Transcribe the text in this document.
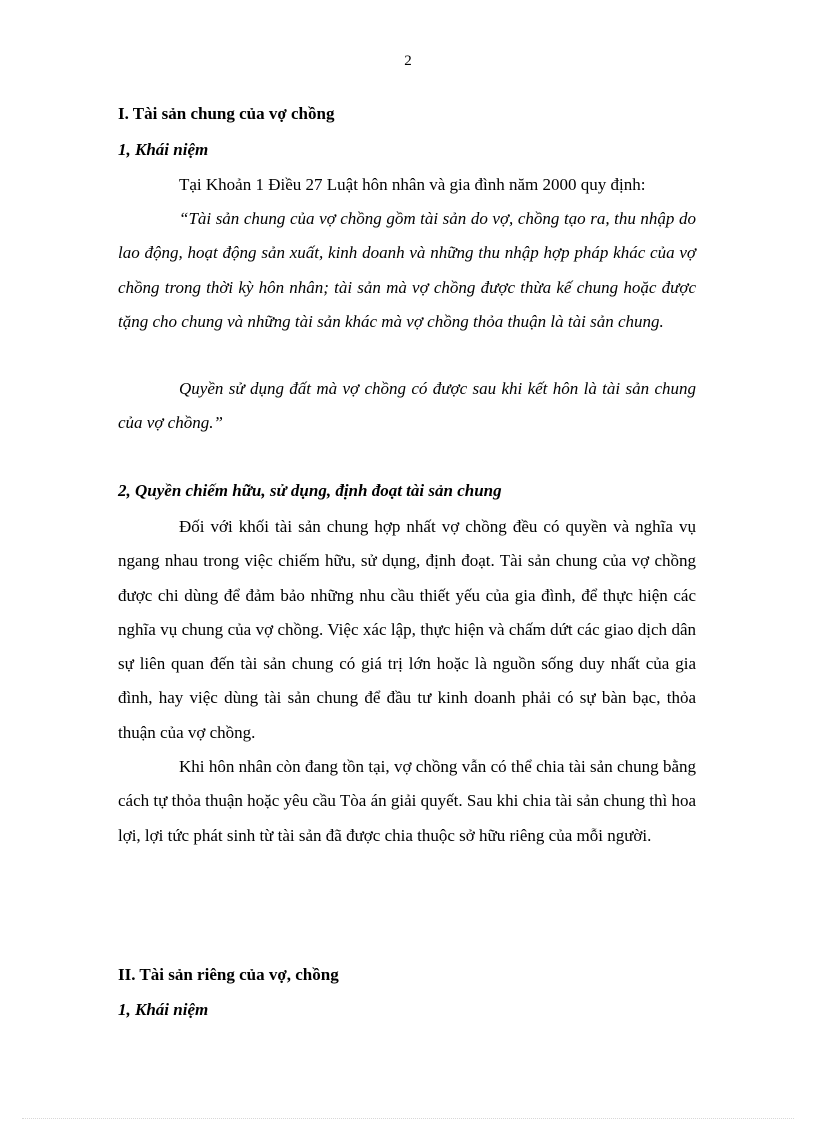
2
I. Tài sản chung của vợ chồng
1, Khái niệm

Tại Khoản 1 Điều 27 Luật hôn nhân và gia đình năm 2000 quy định:

“Tài sản chung của vợ chồng gồm tài sản do vợ, chồng tạo ra, thu nhập do lao động, hoạt động sản xuất, kinh doanh và những thu nhập hợp pháp khác của vợ chồng trong thời kỳ hôn nhân; tài sản mà vợ chồng được thừa kế chung hoặc được tặng cho chung và những tài sản khác mà vợ chồng thỏa thuận là tài sản chung.

Quyền sử dụng đất mà vợ chồng có được sau khi kết hôn là tài sản chung của vợ chồng.”

2, Quyền chiếm hữu, sử dụng, định đoạt tài sản chung

Đối với khối tài sản chung hợp nhất vợ chồng đều có quyền và nghĩa vụ ngang nhau trong việc chiếm hữu, sử dụng, định đoạt. Tài sản chung của vợ chồng được chi dùng để đảm bảo những nhu cầu thiết yếu của gia đình, để thực hiện các nghĩa vụ chung của vợ chồng. Việc xác lập, thực hiện và chấm dứt các giao dịch dân sự liên quan đến tài sản chung có giá trị lớn hoặc là nguồn sống duy nhất của gia đình, hay việc dùng tài sản chung để đầu tư kinh doanh phải có sự bàn bạc, thỏa thuận của vợ chồng.

Khi hôn nhân còn đang tồn tại, vợ chồng vẫn có thể chia tài sản chung bằng cách tự thỏa thuận hoặc yêu cầu Tòa án giải quyết. Sau khi chia tài sản chung thì hoa lợi, lợi tức phát sinh từ tài sản đã được chia thuộc sở hữu riêng của mỗi người.

II. Tài sản riêng của vợ, chồng
1, Khái niệm
